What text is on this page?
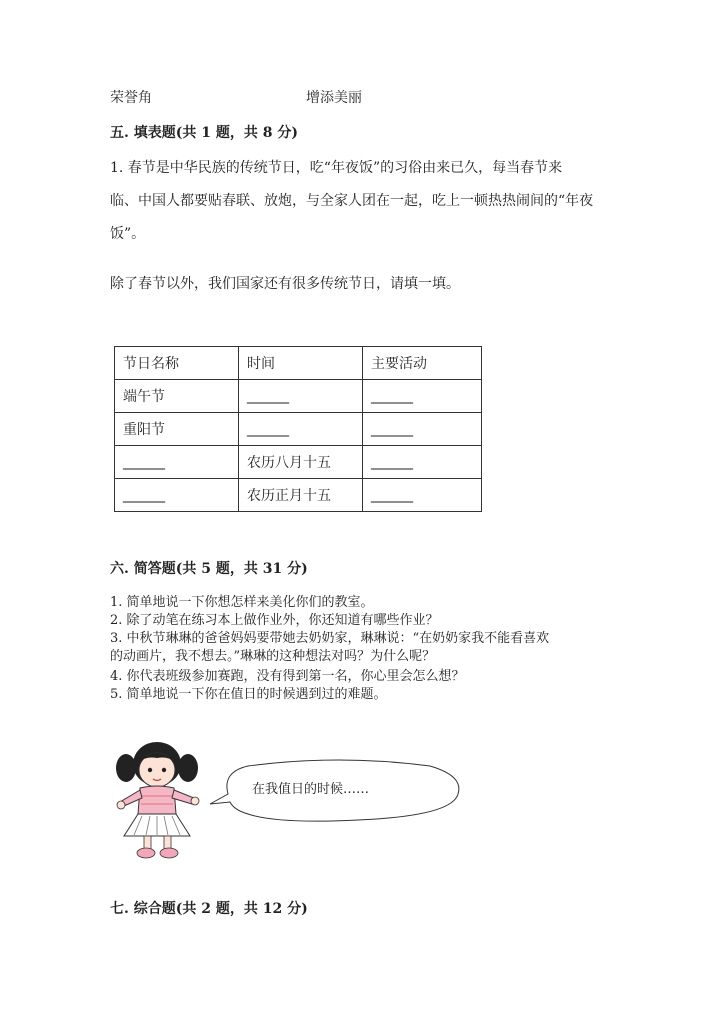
荣誉角	增添美丽
五. 填表题(共 1 题，共 8 分)
1. 春节是中华民族的传统节日，吃“年夜饭”的习俗由来已久，每当春节来
临、中国人都要贴春联、放炮，与全家人团在一起，吃上一顿热热闹间的“年夜
饭”。
除了春节以外，我们国家还有很多传统节日，请填一填。
节日名称	时间	主要活动
端午节	______	______
重阳节	______	______
______	农历八月十五	______
______	农历正月十五	______
六. 简答题(共 5 题，共 31 分)
1. 简单地说一下你想怎样来美化你们的教室。
2. 除了动笔在练习本上做作业外，你还知道有哪些作业？
3. 中秋节琳琳的爸爸妈妈要带她去奶奶家，琳琳说：“在奶奶家我不能看喜欢
的动画片，我不想去。”琳琳的这种想法对吗？为什么呢？
4. 你代表班级参加赛跑，没有得到第一名，你心里会怎么想？
5. 简单地说一下你在值日的时候遇到过的难题。
在我值日的时候……
七. 综合题(共 2 题，共 12 分)
